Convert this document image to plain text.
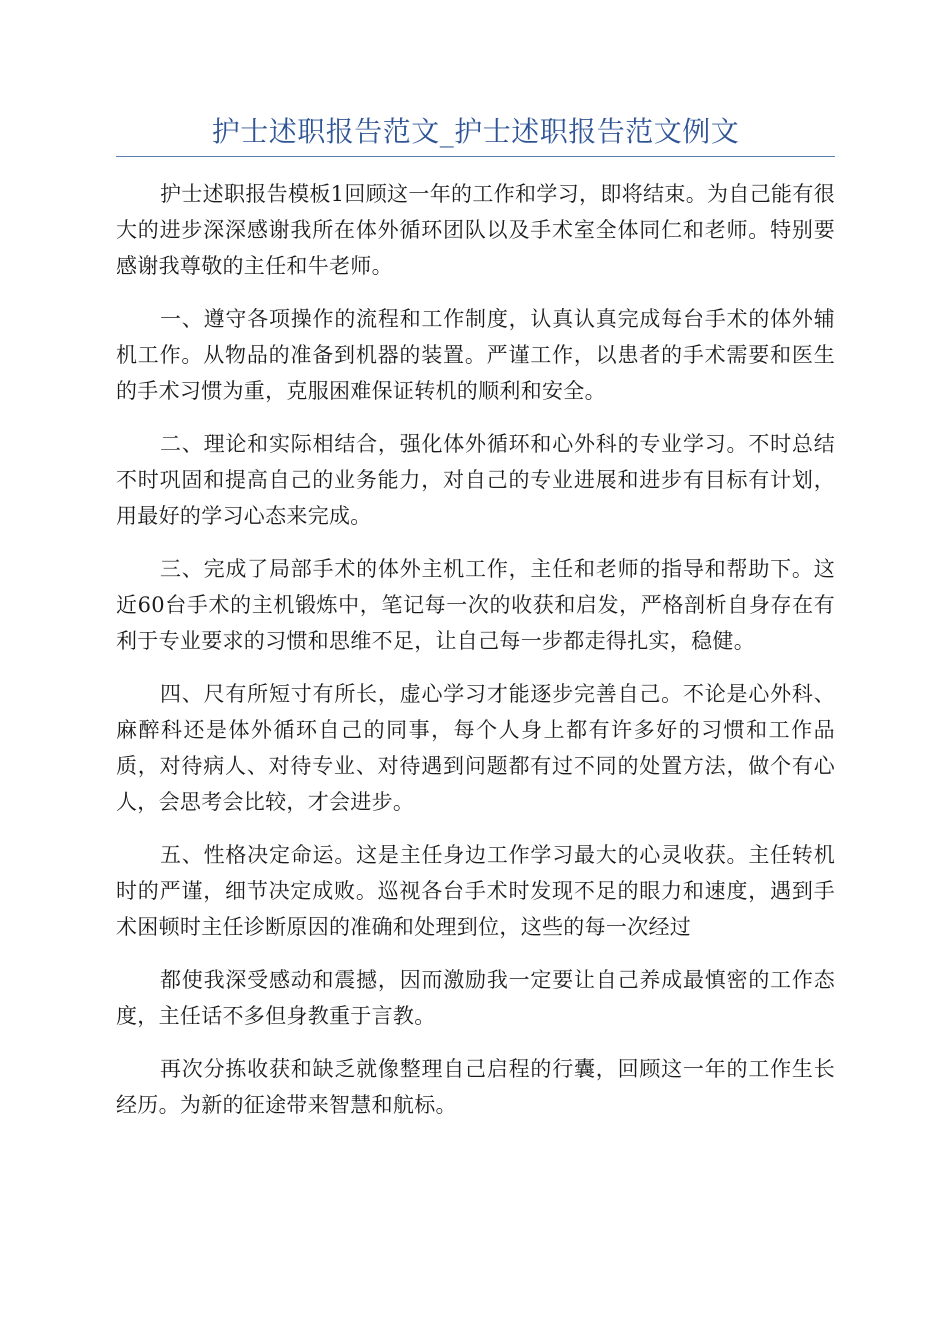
护士述职报告范文_护士述职报告范文例文

护士述职报告模板1回顾这一年的工作和学习，即将结束。为自己能有很大的进步深深感谢我所在体外循环团队以及手术室全体同仁和老师。特别要感谢我尊敬的主任和牛老师。

一、遵守各项操作的流程和工作制度，认真认真完成每台手术的体外辅机工作。从物品的准备到机器的装置。严谨工作，以患者的手术需要和医生的手术习惯为重，克服困难保证转机的顺利和安全。

二、理论和实际相结合，强化体外循环和心外科的专业学习。不时总结不时巩固和提高自己的业务能力，对自己的专业进展和进步有目标有计划，用最好的学习心态来完成。

三、完成了局部手术的体外主机工作，主任和老师的指导和帮助下。这近60台手术的主机锻炼中，笔记每一次的收获和启发，严格剖析自身存在有利于专业要求的习惯和思维不足，让自己每一步都走得扎实，稳健。

四、尺有所短寸有所长，虚心学习才能逐步完善自己。不论是心外科、麻醉科还是体外循环自己的同事，每个人身上都有许多好的习惯和工作品质，对待病人、对待专业、对待遇到问题都有过不同的处置方法，做个有心人，会思考会比较，才会进步。

五、性格决定命运。这是主任身边工作学习最大的心灵收获。主任转机时的严谨，细节决定成败。巡视各台手术时发现不足的眼力和速度，遇到手术困顿时主任诊断原因的准确和处理到位，这些的每一次经过

都使我深受感动和震撼，因而激励我一定要让自己养成最慎密的工作态度，主任话不多但身教重于言教。

再次分拣收获和缺乏就像整理自己启程的行囊，回顾这一年的工作生长经历。为新的征途带来智慧和航标。
